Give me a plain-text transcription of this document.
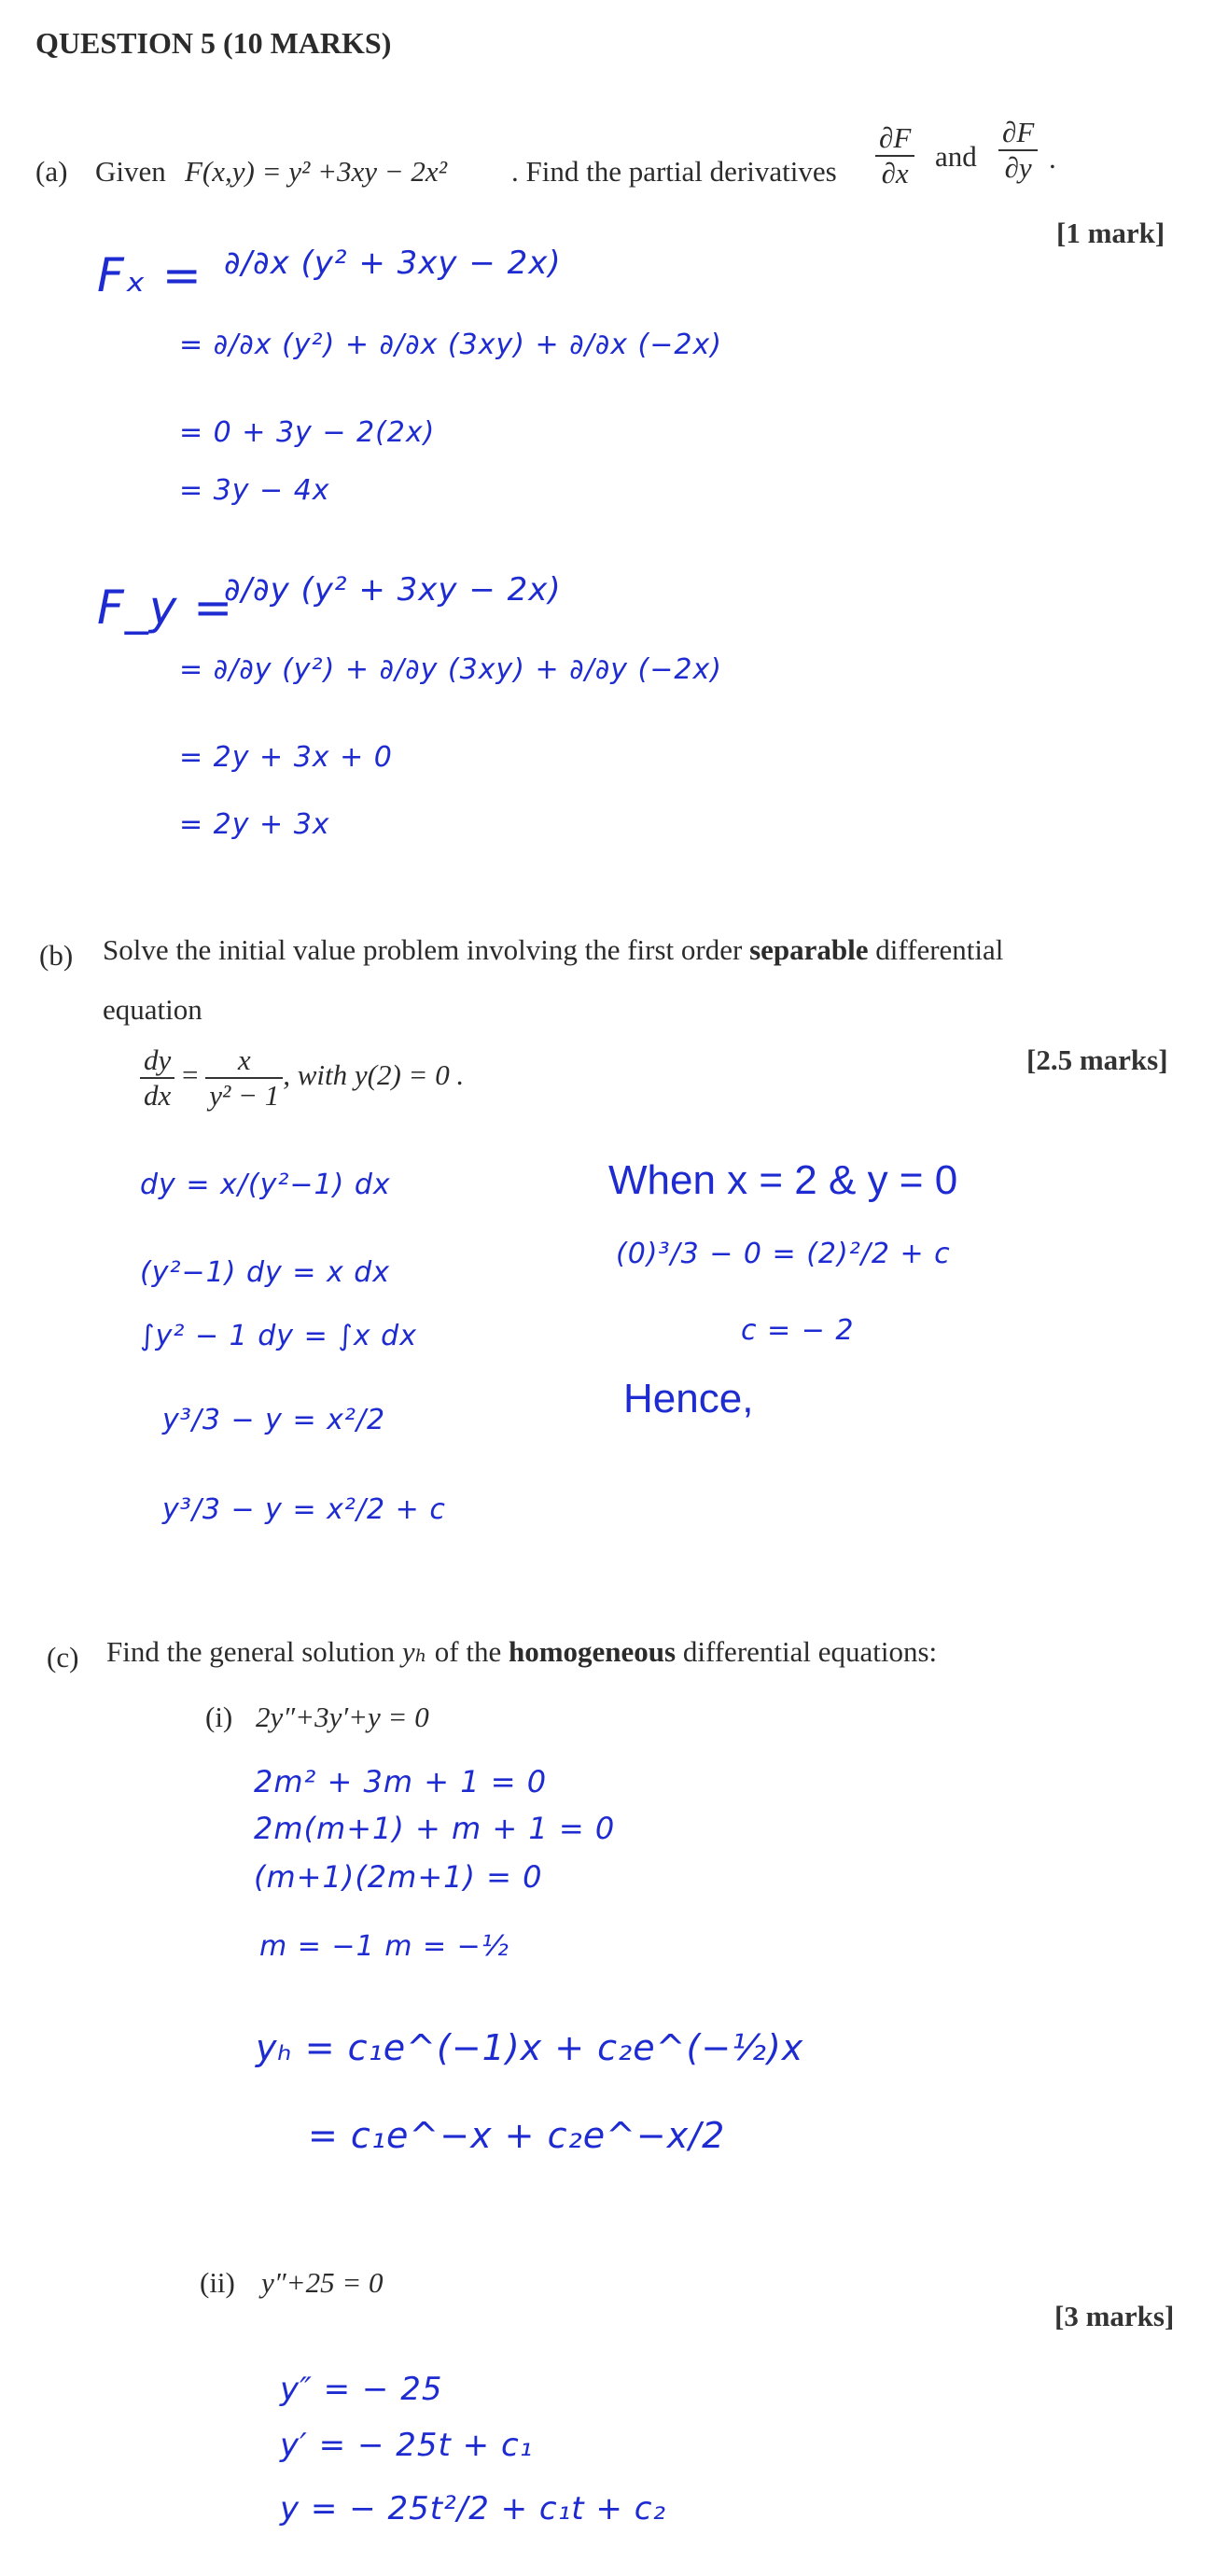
QUESTION 5 (10 MARKS)
(a) Given F(x,y) = y² +3xy − 2x² . Find the partial derivatives $\frac{\partial F}{\partial x}$ and $\frac{\partial F}{\partial y}$ .
[1 mark]
Fₓ = ∂/∂x (y² + 3xy − 2x)
= ∂/∂x (y²) + ∂/∂x (3xy) + ∂/∂x (−2x)
= 0 + 3y − 2(2x)
= 3y − 4x
F_y =
∂/∂y (y² + 3xy − 2x)
= ∂/∂y (y²) + ∂/∂y (3xy) + ∂/∂y (−2x)
= 2y + 3x + 0
= 2y + 3x
(b) Solve the initial value problem involving the first order separable differential
equation
$\frac{dy}{dx} = \frac{x}{\text{y² − 1}}$ , with y(2) = 0 .	[2.5 marks]
dy = x/(y²−1) dx
(y²−1) dy = x dx
∫y² − 1 dy = ∫x dx
y³/3 − y = x²/2
y³/3 − y = x²/2 + c
When x = 2 & y = 0
(0)³/3 − 0 = (2)²/2 + c
c = − 2
Hence,
(c) Find the general solution yₕ of the homogeneous differential equations:
(i) 2y″+3y′+y = 0
2m² + 3m + 1 = 0
2m(m+1) + m + 1 = 0
(m+1)(2m+1) = 0
m = −1 m = −½
yₕ = c₁e^(−1)x + c₂e^(−½)x
= c₁e^−x + c₂e^−x/2
(ii) y″+25 = 0
[3 marks]
y″ = − 25
y′ = − 25t + c₁
y = − 25t²/2 + c₁t + c₂
